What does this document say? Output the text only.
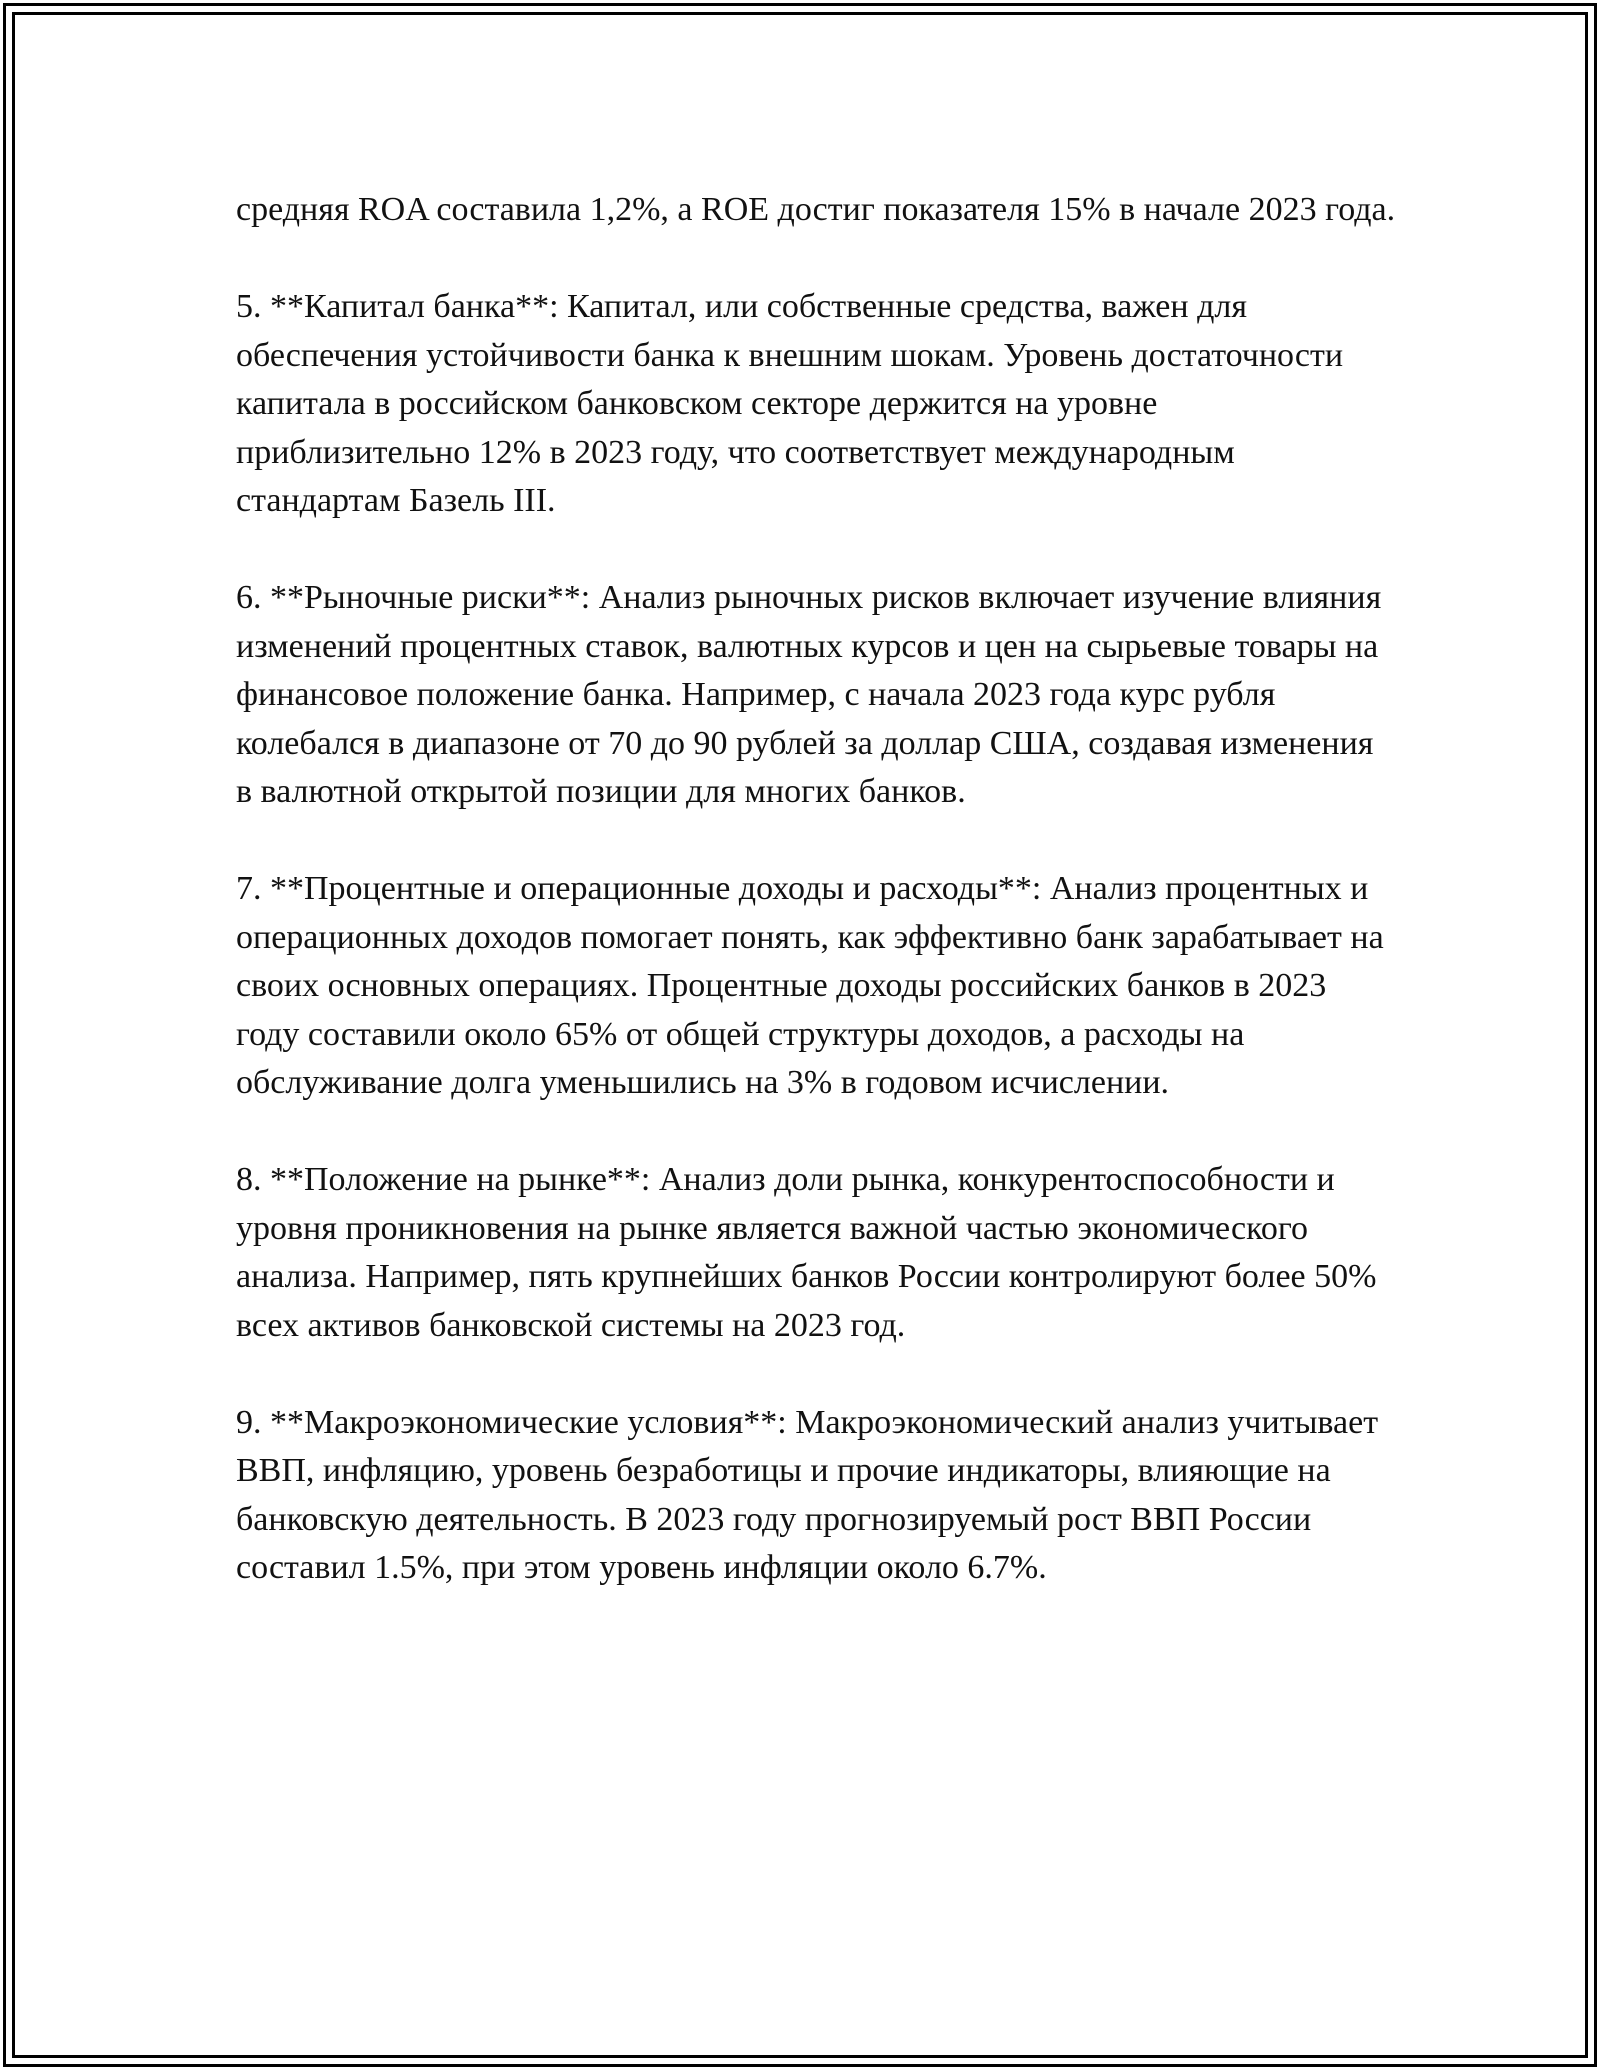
средняя ROA составила 1,2%, а ROE достиг показателя 15% в начале 2023 года.

5. **Капитал банка**: Капитал, или собственные средства, важен для обеспечения устойчивости банка к внешним шокам. Уровень достаточности капитала в российском банковском секторе держится на уровне приблизительно 12% в 2023 году, что соответствует международным стандартам Базель III.

6. **Рыночные риски**: Анализ рыночных рисков включает изучение влияния изменений процентных ставок, валютных курсов и цен на сырьевые товары на финансовое положение банка. Например, с начала 2023 года курс рубля колебался в диапазоне от 70 до 90 рублей за доллар США, создавая изменения в валютной открытой позиции для многих банков.

7. **Процентные и операционные доходы и расходы**: Анализ процентных и операционных доходов помогает понять, как эффективно банк зарабатывает на своих основных операциях. Процентные доходы российских банков в 2023 году составили около 65% от общей структуры доходов, а расходы на обслуживание долга уменьшились на 3% в годовом исчислении.

8. **Положение на рынке**: Анализ доли рынка, конкурентоспособности и уровня проникновения на рынке является важной частью экономического анализа. Например, пять крупнейших банков России контролируют более 50% всех активов банковской системы на 2023 год.

9. **Макроэкономические условия**: Макроэкономический анализ учитывает ВВП, инфляцию, уровень безработицы и прочие индикаторы, влияющие на банковскую деятельность. В 2023 году прогнозируемый рост ВВП России составил 1.5%, при этом уровень инфляции около 6.7%.
